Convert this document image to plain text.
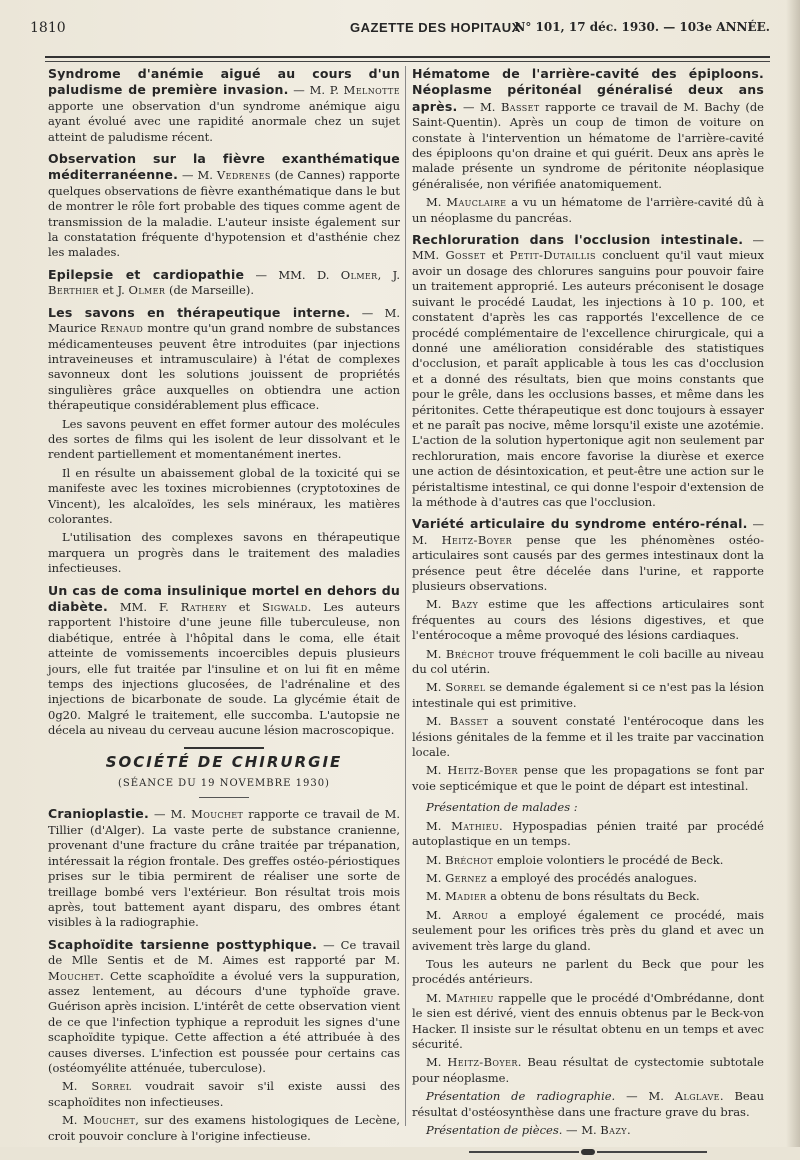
1810	GAZETTE DES HOPITAUX
N° 101, 17 déc. 1930. — 103e ANNÉE.

Syndrome d'anémie aigué au cours d'un paludisme de première invasion. — M. P. Melnotte apporte une observation d'un syndrome anémique aigu ayant évolué avec une rapidité anormale chez un sujet atteint de paludisme récent.

Observation sur la fièvre exanthématique méditerranéenne. — M. Vedrenes (de Cannes) rapporte quelques observations de fièvre exanthématique dans le but de montrer le rôle fort probable des tiques comme agent de transmission de la maladie. L'auteur insiste également sur la constatation fréquente d'hypotension et d'asthénie chez les malades.

Epilepsie et cardiopathie — MM. D. Olmer, J. Berthier et J. Olmer (de Marseille).

Les savons en thérapeutique interne. — M. Maurice Renaud montre qu'un grand nombre de substances médicamenteuses peuvent être introduites (par injections intraveineuses et intramusculaire) à l'état de complexes savonneux dont les solutions jouissent de propriétés singulières grâce auxquelles on obtiendra une action thérapeutique considérablement plus efficace.

Les savons peuvent en effet former autour des molécules des sortes de films qui les isolent de leur dissolvant et le rendent partiellement et momentanément inertes.

Il en résulte un abaissement global de la toxicité qui se manifeste avec les toxines microbiennes (cryptotoxines de Vincent), les alcaloïdes, les sels minéraux, les matières colorantes.

L'utilisation des complexes savons en thérapeutique marquera un progrès dans le traitement des maladies infectieuses.

Un cas de coma insulinique mortel en dehors du diabète. MM. F. Rathery et Sigwald. Les auteurs rapportent l'histoire d'une jeune fille tuberculeuse, non diabétique, entrée à l'hôpital dans le coma, elle était atteinte de vomissements incoercibles depuis plusieurs jours, elle fut traitée par l'insuline et on lui fit en même temps des injections glucosées, de l'adrénaline et des injections de bicarbonate de soude. La glycémie était de 0g20. Malgré le traitement, elle succomba. L'autopsie ne décela au niveau du cerveau aucune lésion macroscopique.

SOCIÉTÉ DE CHIRURGIE
(SÉANCE DU 19 NOVEMBRE 1930)

Cranioplastie. — M. Mouchet rapporte ce travail de M. Tillier (d'Alger). La vaste perte de substance cranienne, provenant d'une fracture du crâne traitée par trépanation, intéressait la région frontale. Des greffes ostéo-périostiques prises sur le tibia permirent de réaliser une sorte de treillage bombé vers l'extérieur. Bon résultat trois mois après, tout battement ayant disparu, des ombres étant visibles à la radiographie.

Scaphoïdite tarsienne posttyphique. — Ce travail de Mlle Sentis et de M. Aimes est rapporté par M. Mouchet. Cette scaphoïdite a évolué vers la suppuration, assez lentement, au décours d'une typhoïde grave. Guérison après incision. L'intérêt de cette observation vient de ce que l'infection typhique a reproduit les signes d'une scaphoïdite typique. Cette affection a été attribuée à des causes diverses. L'infection est poussée pour certains cas (ostéomyélite atténuée, tuberculose).

M. Sorrel voudrait savoir s'il existe aussi des scaphoïdites non infectieuses.

M. Mouchet, sur des examens histologiques de Lecène, croit pouvoir conclure à l'origine infectieuse.

Hématome de l'arrière-cavité des épiploons. Néoplasme péritonéal généralisé deux ans après. — M. Basset rapporte ce travail de M. Bachy (de Saint-Quentin). Après un coup de timon de voiture on constate à l'intervention un hématome de l'arrière-cavité des épiploons qu'on draine et qui guérit. Deux ans après le malade présente un syndrome de péritonite néoplasique généralisée, non vérifiée anatomiquement.

M. Mauclaire a vu un hématome de l'arrière-cavité dû à un néoplasme du pancréas.

Rechloruration dans l'occlusion intestinale. — MM. Gosset et Petit-Dutaillis concluent qu'il vaut mieux avoir un dosage des chlorures sanguins pour pouvoir faire un traitement approprié. Les auteurs préconisent le dosage suivant le procédé Laudat, les injections à 10 p. 100, et constatent d'après les cas rapportés l'excellence de ce procédé complémentaire de l'excellence chirurgicale, qui a donné une amélioration considérable des statistiques d'occlusion, et paraît applicable à tous les cas d'occlusion et a donné des résultats, bien que moins constants que pour le grêle, dans les occlusions basses, et même dans les péritonites. Cette thérapeutique est donc toujours à essayer et ne paraît pas nocive, même lorsqu'il existe une azotémie. L'action de la solution hypertonique agit non seulement par rechloruration, mais encore favorise la diurèse et exerce une action de désintoxication, et peut-être une action sur le péristaltisme intestinal, ce qui donne l'espoir d'extension de la méthode à d'autres cas que l'occlusion.

Variété articulaire du syndrome entéro-rénal. — M. Heitz-Boyer pense que les phénomènes ostéo-articulaires sont causés par des germes intestinaux dont la présence peut être décelée dans l'urine, et rapporte plusieurs observations.

M. Bazy estime que les affections articulaires sont fréquentes au cours des lésions digestives, et que l'entérocoque a même provoqué des lésions cardiaques.

M. Bréchot trouve fréquemment le coli bacille au niveau du col utérin.

M. Sorrel se demande également si ce n'est pas la lésion intestinale qui est primitive.

M. Basset a souvent constaté l'entérocoque dans les lésions génitales de la femme et il les traite par vaccination locale.

M. Heitz-Boyer pense que les propagations se font par voie septicémique et que le point de départ est intestinal.

Présentation de malades :

M. Mathieu. Hypospadias pénien traité par procédé autoplastique en un temps.

M. Bréchot emploie volontiers le procédé de Beck.

M. Gernez a employé des procédés analogues.

M. Madier a obtenu de bons résultats du Beck.

M. Arrou a employé également ce procédé, mais seulement pour les orifices très près du gland et avec un avivement très large du gland.

Tous les auteurs ne parlent du Beck que pour les procédés antérieurs.

M. Mathieu rappelle que le procédé d'Ombrédanne, dont le sien est dérivé, vient des ennuis obtenus par le Beck-von Hacker. Il insiste sur le résultat obtenu en un temps et avec sécurité.

M. Heitz-Boyer. Beau résultat de cystectomie subtotale pour néoplasme.

Présentation de radiographie. — M. Alglave. Beau résultat d'ostéosynthèse dans une fracture grave du bras.

Présentation de pièces. — M. Bazy.
